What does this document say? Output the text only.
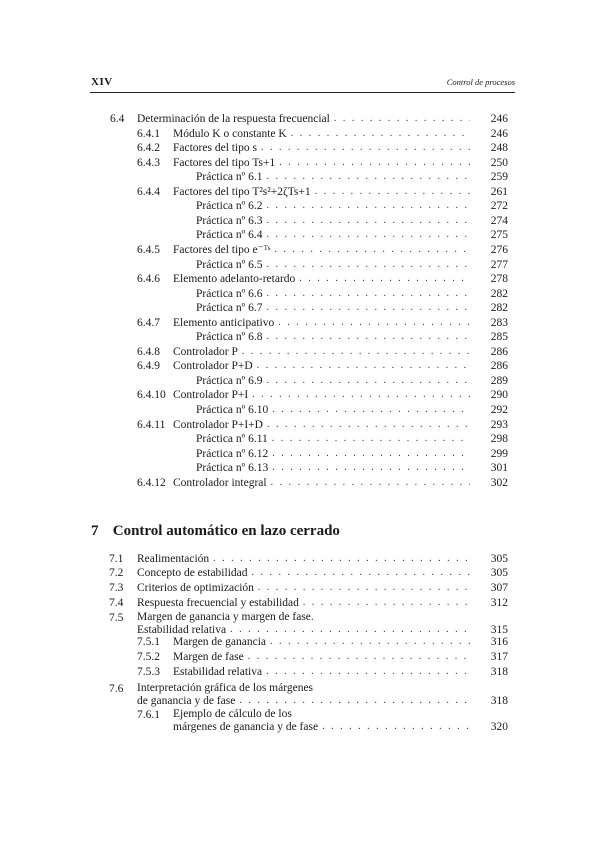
XIV	Control de procesos
6.4 Determinación de la respuesta frecuencial . . .	246
6.4.1 Módulo K o constante K . . .	246
6.4.2 Factores del tipo s . . .	248
6.4.3 Factores del tipo Ts+1 . . .	250
Práctica nº 6.1 . . .	259
6.4.4 Factores del tipo T²s²+2ζTs+1 . . .	261
Práctica nº 6.2 . . .	272
Práctica nº 6.3 . . .	274
Práctica nº 6.4 . . .	275
6.4.5 Factores del tipo e⁻ᵀˢ . . .	276
Práctica nº 6.5 . . .	277
6.4.6 Elemento adelanto-retardo . . .	278
Práctica nº 6.6 . . .	282
Práctica nº 6.7 . . .	282
6.4.7 Elemento anticipativo . . .	283
Práctica nº 6.8 . . .	285
6.4.8 Controlador P . . .	286
6.4.9 Controlador P+D . . .	286
Práctica nº 6.9 . . .	289
6.4.10 Controlador P+I . . .	290
Práctica nº 6.10 . . .	292
6.4.11 Controlador P+I+D . . .	293
Práctica nº 6.11 . . .	298
Práctica nº 6.12 . . .	299
Práctica nº 6.13 . . .	301
6.4.12 Controlador integral . . .	302
7 Control automático en lazo cerrado
7.1 Realimentación . . .	305
7.2 Concepto de estabilidad . . .	305
7.3 Criterios de optimización . . .	307
7.4 Respuesta frecuencial y estabilidad . . .	312
7.5 Margen de ganancia y margen de fase.
Estabilidad relativa . . .	315
7.5.1 Margen de ganancia . . .	316
7.5.2 Margen de fase . . .	317
7.5.3 Estabilidad relativa . . .	318
7.6 Interpretación gráfica de los márgenes
de ganancia y de fase . . .	318
7.6.1 Ejemplo de cálculo de los
márgenes de ganancia y de fase . . .	320
